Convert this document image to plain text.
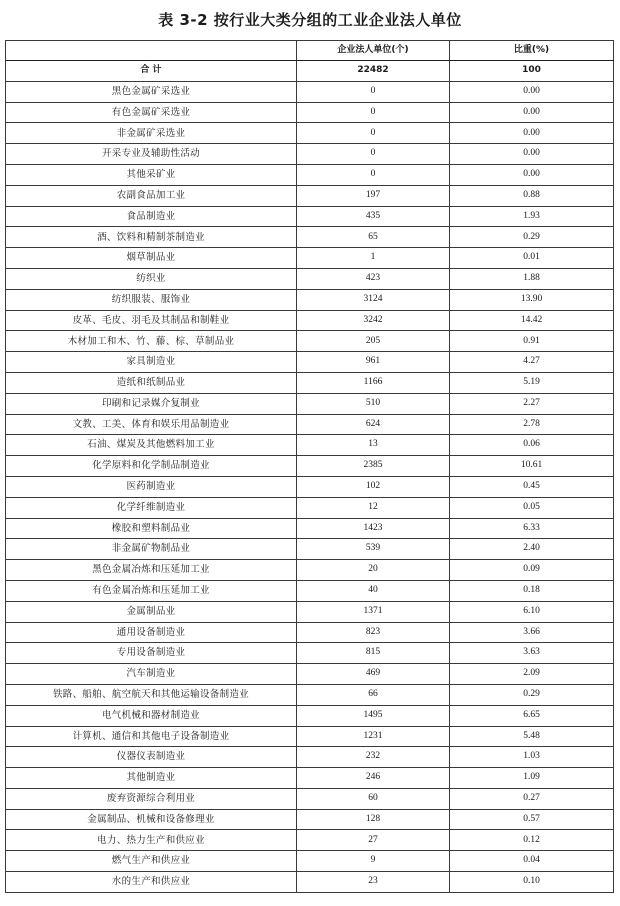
表 3-2 按行业大类分组的工业企业法人单位
	企业法人单位(个)	比重(%)
合 计	22482	100
黑色金属矿采选业	0	0.00
有色金属矿采选业	0	0.00
非金属矿采选业	0	0.00
开采专业及辅助性活动	0	0.00
其他采矿业	0	0.00
农副食品加工业	197	0.88
食品制造业	435	1.93
酒、饮料和精制茶制造业	65	0.29
烟草制品业	1	0.01
纺织业	423	1.88
纺织服装、服饰业	3124	13.90
皮革、毛皮、羽毛及其制品和制鞋业	3242	14.42
木材加工和木、竹、藤、棕、草制品业	205	0.91
家具制造业	961	4.27
造纸和纸制品业	1166	5.19
印刷和记录媒介复制业	510	2.27
文教、工美、体育和娱乐用品制造业	624	2.78
石油、煤炭及其他燃料加工业	13	0.06
化学原料和化学制品制造业	2385	10.61
医药制造业	102	0.45
化学纤维制造业	12	0.05
橡胶和塑料制品业	1423	6.33
非金属矿物制品业	539	2.40
黑色金属冶炼和压延加工业	20	0.09
有色金属冶炼和压延加工业	40	0.18
金属制品业	1371	6.10
通用设备制造业	823	3.66
专用设备制造业	815	3.63
汽车制造业	469	2.09
铁路、船舶、航空航天和其他运输设备制造业	66	0.29
电气机械和器材制造业	1495	6.65
计算机、通信和其他电子设备制造业	1231	5.48
仪器仪表制造业	232	1.03
其他制造业	246	1.09
废弃资源综合利用业	60	0.27
金属制品、机械和设备修理业	128	0.57
电力、热力生产和供应业	27	0.12
燃气生产和供应业	9	0.04
水的生产和供应业	23	0.10
